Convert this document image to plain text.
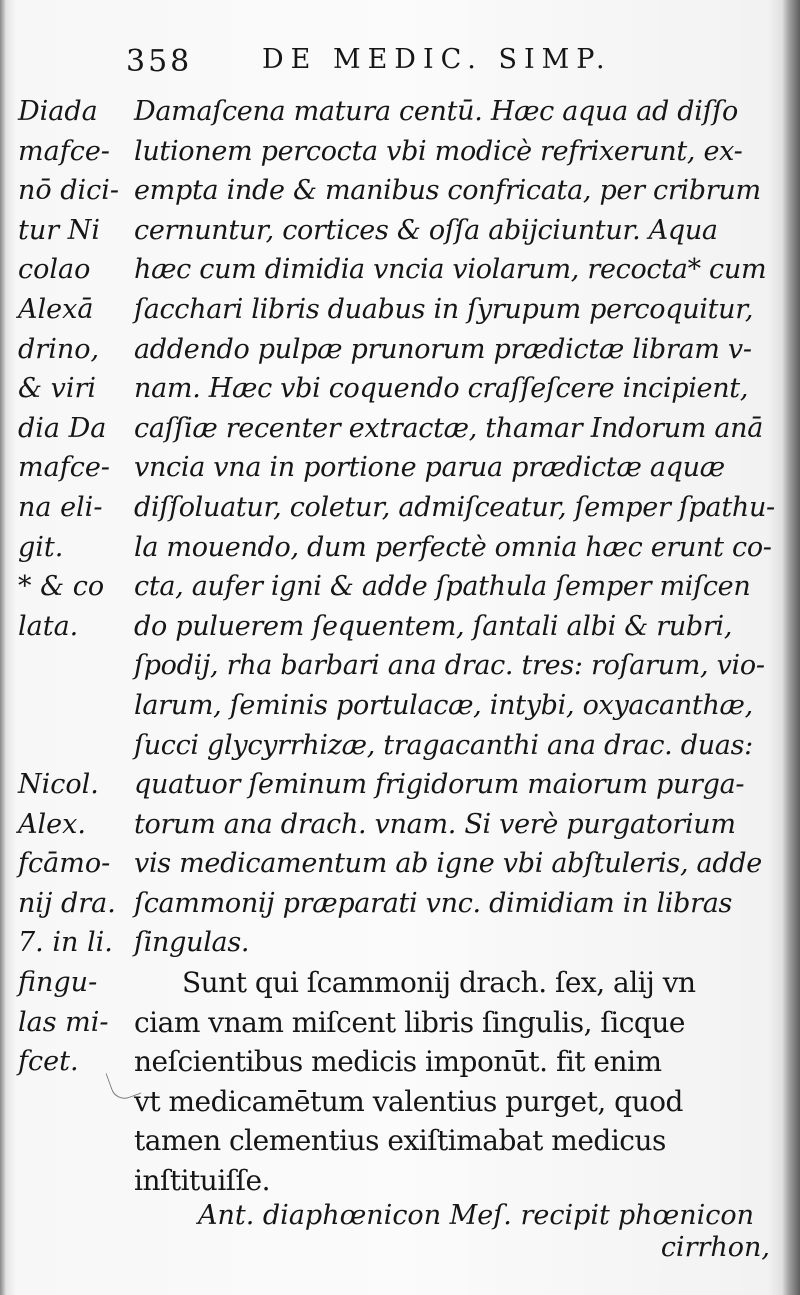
358	DE MEDIC. SIMP.
Diada
mafce-
nō dici-
tur Ni
colao
Alexā
drino,
& viri
dia Da
mafce-
na eli-
git.
* & co
lata.
Nicol.
Alex.
fcāmo-
nij dra.
7. in li.
fingu-
las mi-
fcet.
Damaſcena matura centū. Hæc aqua ad diſſo
lutionem percocta vbi modicè refrixerunt, ex-
empta inde & manibus confricata, per cribrum
cernuntur, cortices & oſſa abijciuntur. Aqua
hæc cum dimidia vncia violarum, recocta* cum
ſacchari libris duabus in ſyrupum percoquitur,
addendo pulpæ prunorum prædictæ libram v-
nam. Hæc vbi coquendo craſſeſcere incipient,
caſſiæ recenter extractæ, thamar Indorum anā
vncia vna in portione parua prædictæ aquæ
diſſoluatur, coletur, admiſceatur, ſemper ſpathu-
la mouendo, dum perfectè omnia hæc erunt co-
cta, aufer igni & adde ſpathula ſemper miſcen
do puluerem ſequentem, ſantali albi & rubri,
ſpodij, rha barbari ana drac. tres: roſarum, vio-
larum, ſeminis portulacæ, intybi, oxyacanthæ,
ſucci glycyrrhizæ, tragacanthi ana drac. duas:
quatuor ſeminum frigidorum maiorum purga-
torum ana drach. vnam. Si verè purgatorium
vis medicamentum ab igne vbi abſtuleris, adde
ſcammonij præparati vnc. dimidiam in libras
ſingulas.
Sunt qui ſcammonij drach. ſex, alij vn
ciam vnam miſcent libris ſingulis, ſicque
neſcientibus medicis imponūt. fit enim
vt medicamētum valentius purget, quod
tamen clementius exiſtimabat medicus
inſtituiſſe.
Ant. diaphœnicon Meſ. recipit phœnicon
cirrhon,
